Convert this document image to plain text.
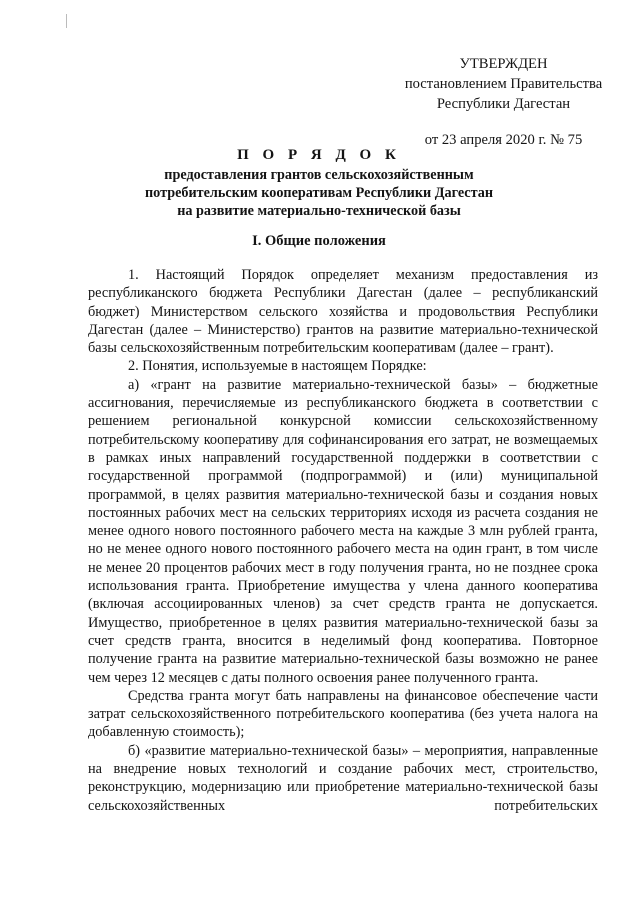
УТВЕРЖДЕН
постановлением Правительства
Республики Дагестан
от 23 апреля 2020 г. № 75
П О Р Я Д О К
предоставления грантов сельскохозяйственным
потребительским кооперативам Республики Дагестан
на развитие материально-технической базы
I. Общие положения

1. Настоящий Порядок определяет механизм предоставления из республиканского бюджета Республики Дагестан (далее – республиканский бюджет) Министерством сельского хозяйства и продовольствия Республики Дагестан (далее – Министерство) грантов на развитие материально-технической базы сельскохозяйственным потребительским кооперативам (далее – грант).

2. Понятия, используемые в настоящем Порядке:

а) «грант на развитие материально-технической базы» – бюджетные ассигнования, перечисляемые из республиканского бюджета в соответствии с решением региональной конкурсной комиссии сельскохозяйственному потребительскому кооперативу для софинансирования его затрат, не возмещаемых в рамках иных направлений государственной поддержки в соответствии с государственной программой (подпрограммой) и (или) муниципальной программой, в целях развития материально-технической базы и создания новых постоянных рабочих мест на сельских территориях исходя из расчета создания не менее одного нового постоянного рабочего места на каждые 3 млн рублей гранта, но не менее одного нового постоянного рабочего места на один грант, в том числе не менее 20 процентов рабочих мест в году получения гранта, но не позднее срока использования гранта. Приобретение имущества у члена данного кооператива (включая ассоциированных членов) за счет средств гранта не допускается. Имущество, приобретенное в целях развития материально-технической базы за счет средств гранта, вносится в неделимый фонд кооператива. Повторное получение гранта на развитие материально-технической базы возможно не ранее чем через 12 месяцев с даты полного освоения ранее полученного гранта.

Средства гранта могут бать направлены на финансовое обеспечение части затрат сельскохозяйственного потребительского кооператива (без учета налога на добавленную стоимость);

б) «развитие материально-технической базы» – мероприятия, направленные на внедрение новых технологий и создание рабочих мест, строительство, реконструкцию, модернизацию или приобретение материально-технической базы сельскохозяйственных потребительских
